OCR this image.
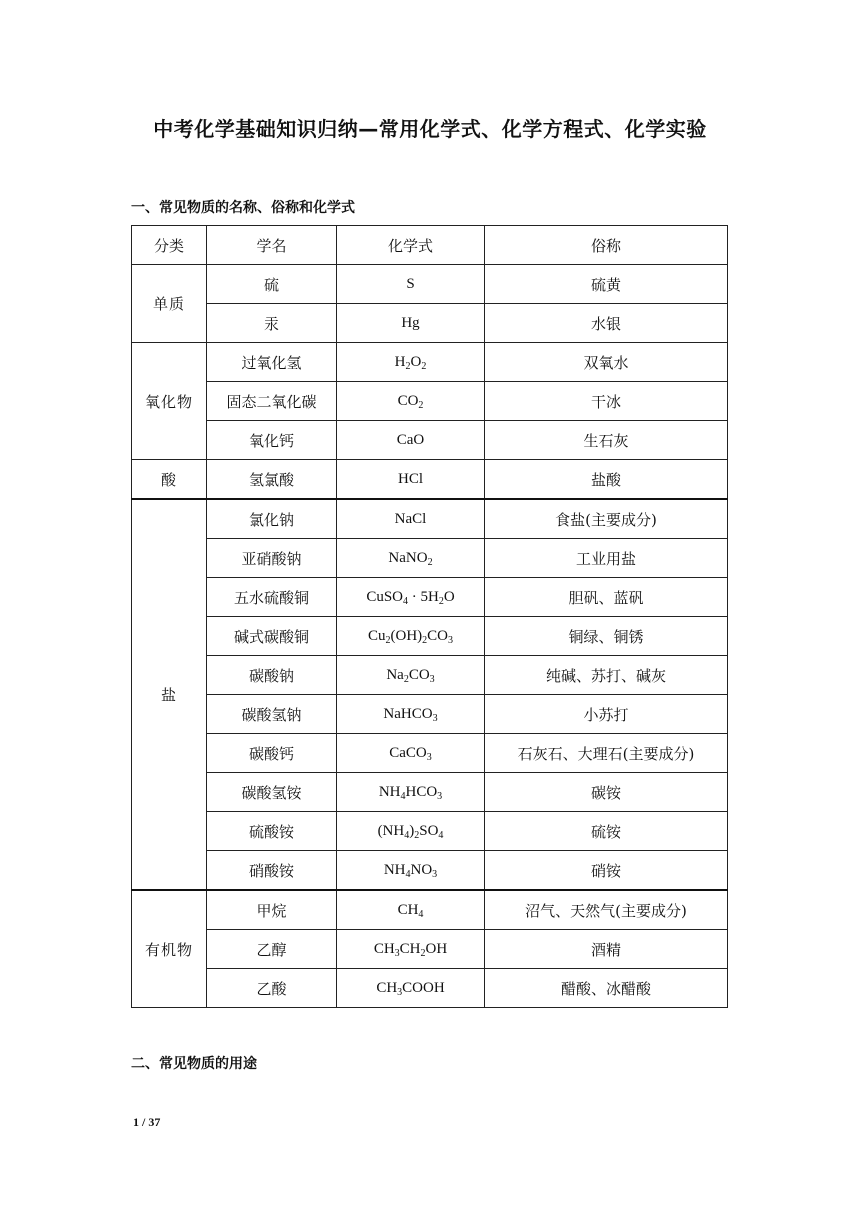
中考化学基础知识归纳—常用化学式、化学方程式、化学实验
一、常见物质的名称、俗称和化学式
分类	学名	化学式	俗称
单质	硫	S	硫黄
	汞	Hg	水银
氧化物	过氧化氢	$H_2O_2$	双氧水
	固态二氧化碳	$CO_2$	干冰
	氧化钙	CaO	生石灰
酸	氢氯酸	HCl	盐酸
盐	氯化钠	NaCl	食盐(主要成分)
	亚硝酸钠	NaNO$_2$	工业用盐
	五水硫酸铜	CuSO$_4$ · $5H_2O$	胆矾、蓝矾
	碱式碳酸铜	$Cu_2(OH)_2CO_3$	铜绿、铜锈
	碳酸钠	$Na_2CO_3$	纯碱、苏打、碱灰
	碳酸氢钠	NaHCO$_3$	小苏打
	碳酸钙	CaCO$_3$	石灰石、大理石(主要成分)
	碳酸氢铵	$NH_4HCO_3$	碳铵
	硫酸铵	$(NH_4)_2SO_4$	硫铵
	硝酸铵	$NH_4NO_3$	硝铵
有机物	甲烷	$CH_4$	沼气、天然气(主要成分)
	乙醇	$CH_3CH_2OH$	酒精
	乙酸	$CH_3COOH$	醋酸、冰醋酸
二、常见物质的用途
1 / 37
